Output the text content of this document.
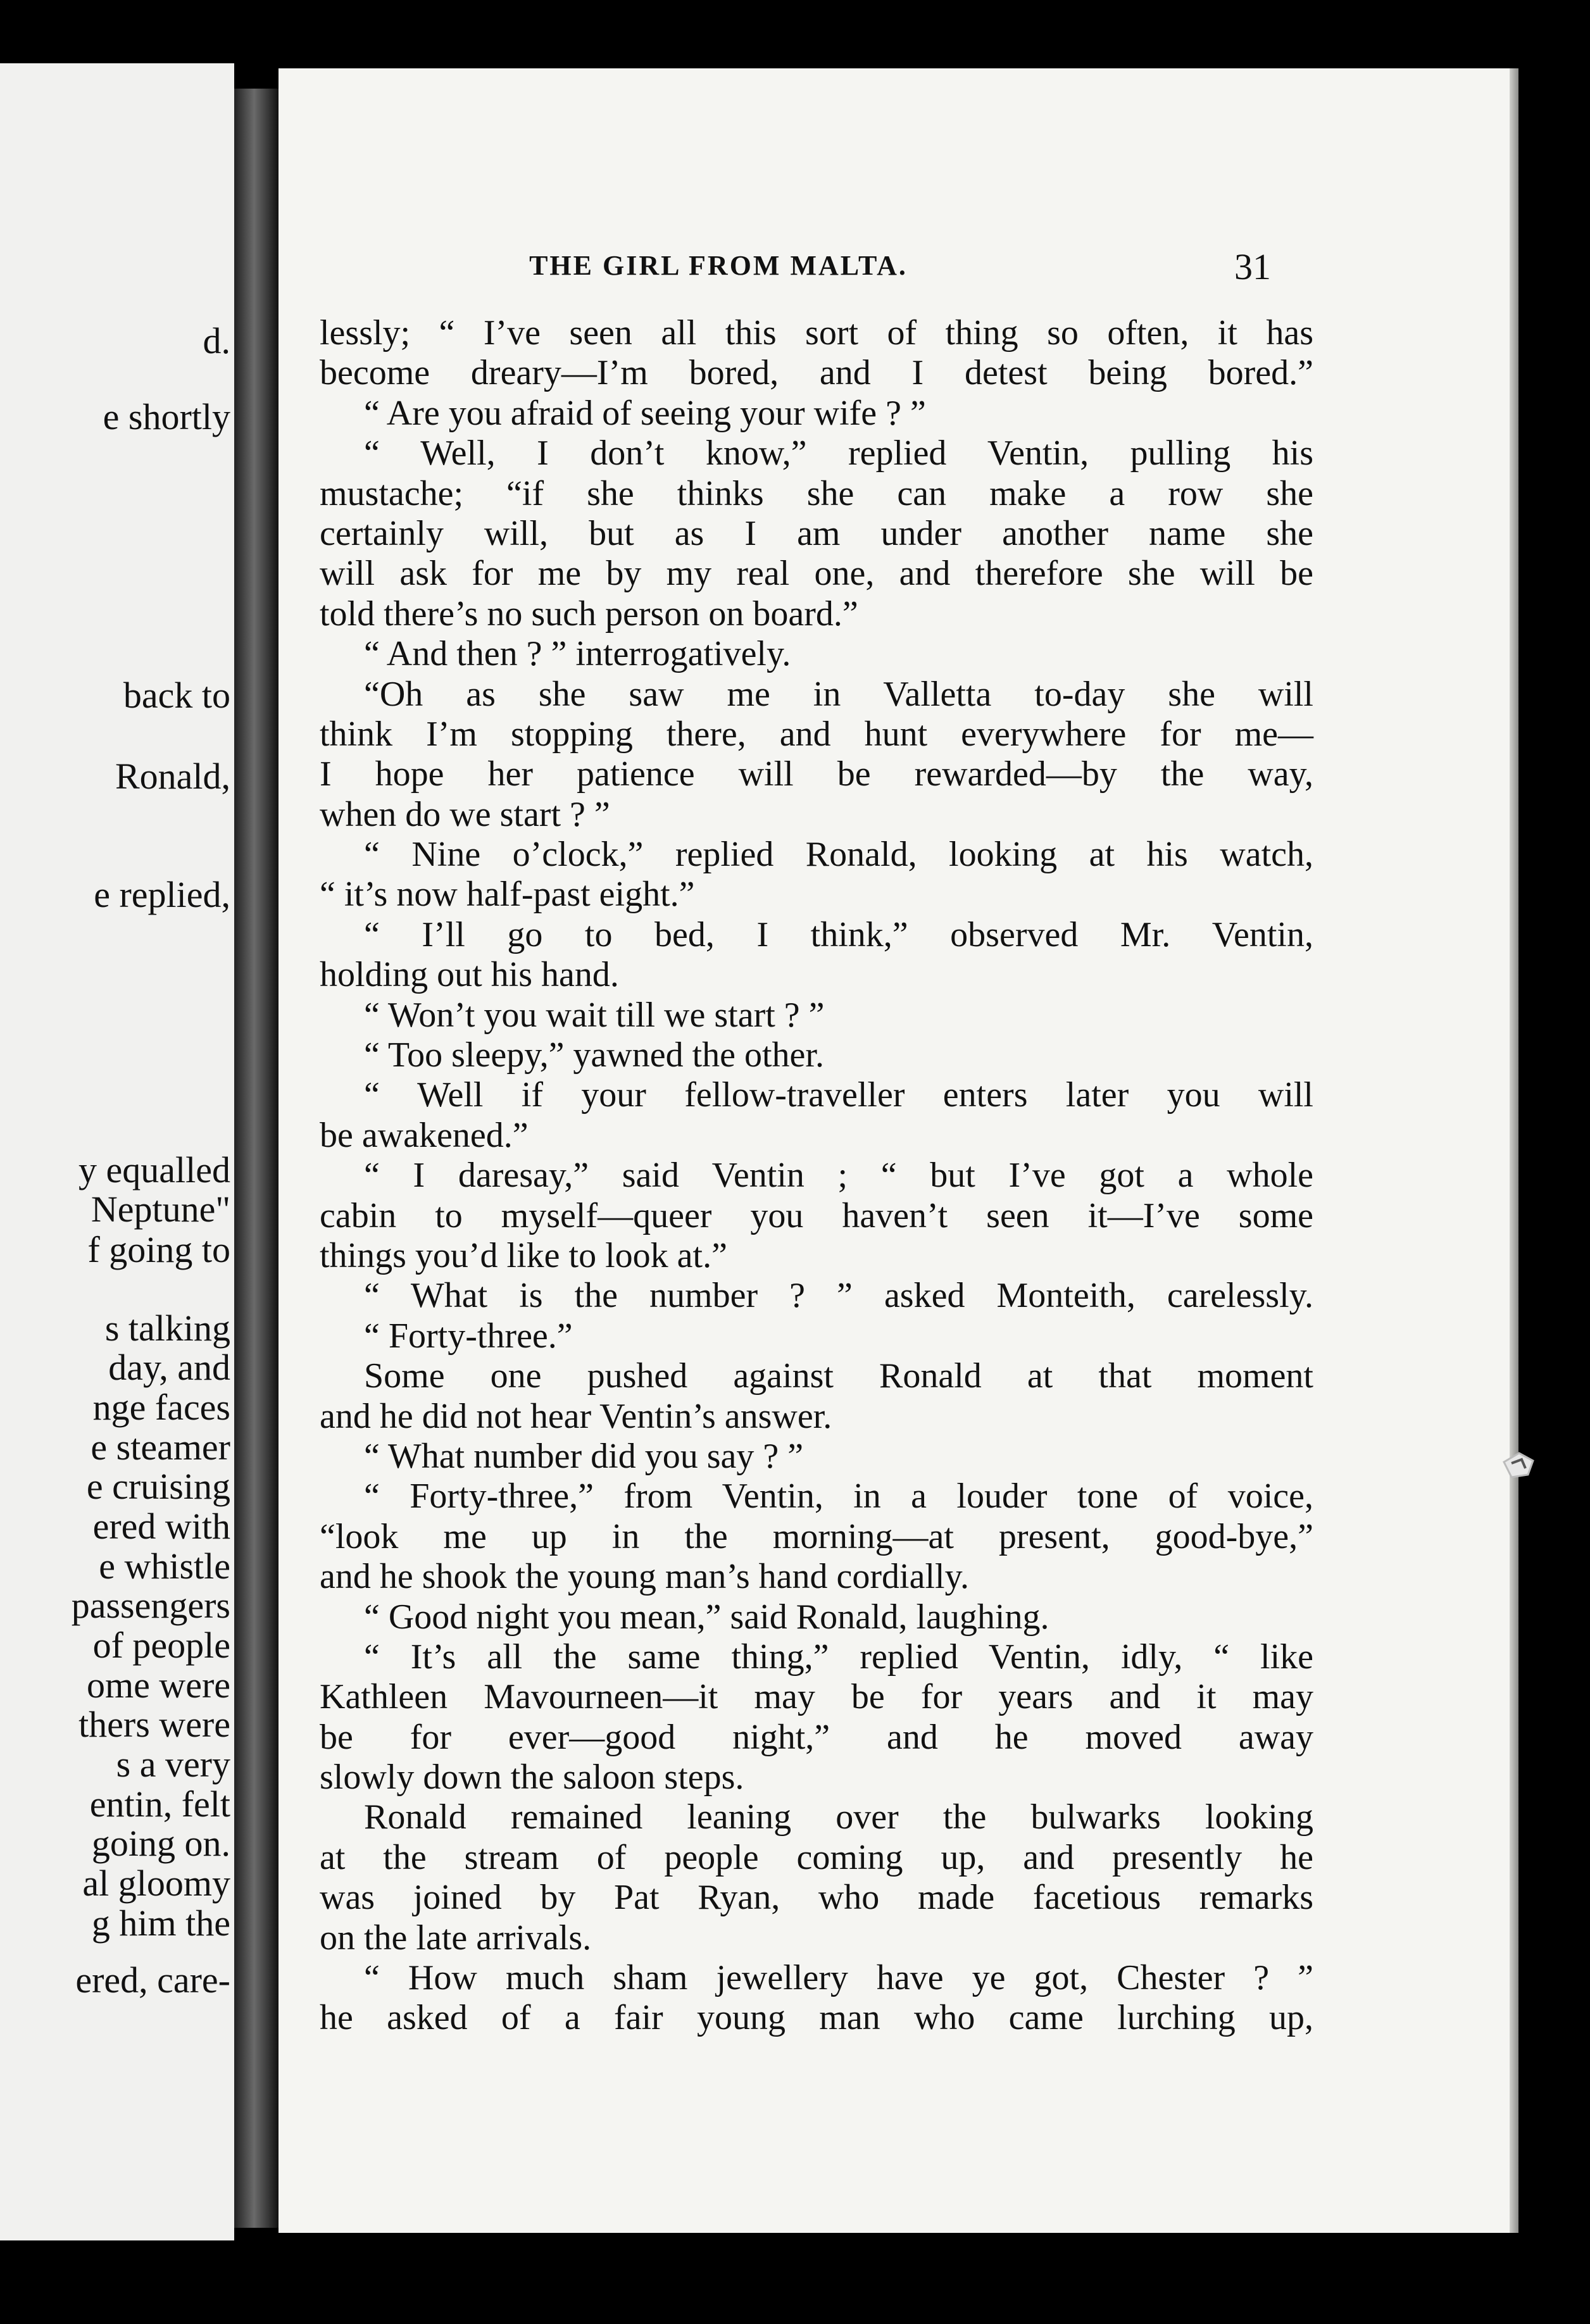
d.
e shortly
back to
Ronald,
e replied,
y equalled
Neptune"
f going to
s talking
day, and
nge faces
e steamer
e cruising
ered with
e whistle
passengers
of people
ome were
thers were
s a very
entin, felt
going on.
al gloomy
g him the
ered, care-
THE GIRL FROM MALTA.	31
lessly; “ I’ve seen all this sort of thing so often, it has
become dreary—I’m bored, and I detest being bored.”
“ Are you afraid of seeing your wife ? ”
“ Well, I don’t know,” replied Ventin, pulling his
mustache; “if she thinks she can make a row she
certainly will, but as I am under another name she
will ask for me by my real one, and therefore she will be
told there’s no such person on board.”
“ And then ? ” interrogatively.
“Oh as she saw me in Valletta to-day she will
think I’m stopping there, and hunt everywhere for me—
I hope her patience will be rewarded—by the way,
when do we start ? ”
“ Nine o’clock,” replied Ronald, looking at his watch,
“ it’s now half-past eight.”
“ I’ll go to bed, I think,” observed Mr. Ventin,
holding out his hand.
“ Won’t you wait till we start ? ”
“ Too sleepy,” yawned the other.
“ Well if your fellow-traveller enters later you will
be awakened.”
“ I daresay,” said Ventin ; “ but I’ve got a whole
cabin to myself—queer you haven’t seen it—I’ve some
things you’d like to look at.”
“ What is the number ? ” asked Monteith, carelessly.
“ Forty-three.”
Some one pushed against Ronald at that moment
and he did not hear Ventin’s answer.
“ What number did you say ? ”
“ Forty-three,” from Ventin, in a louder tone of voice,
“look me up in the morning—at present, good-bye,”
and he shook the young man’s hand cordially.
“ Good night you mean,” said Ronald, laughing.
“ It’s all the same thing,” replied Ventin, idly, “ like
Kathleen Mavourneen—it may be for years and it may
be for ever—good night,” and he moved away
slowly down the saloon steps.
Ronald remained leaning over the bulwarks looking
at the stream of people coming up, and presently he
was joined by Pat Ryan, who made facetious remarks
on the late arrivals.
“ How much sham jewellery have ye got, Chester ? ”
he asked of a fair young man who came lurching up,
